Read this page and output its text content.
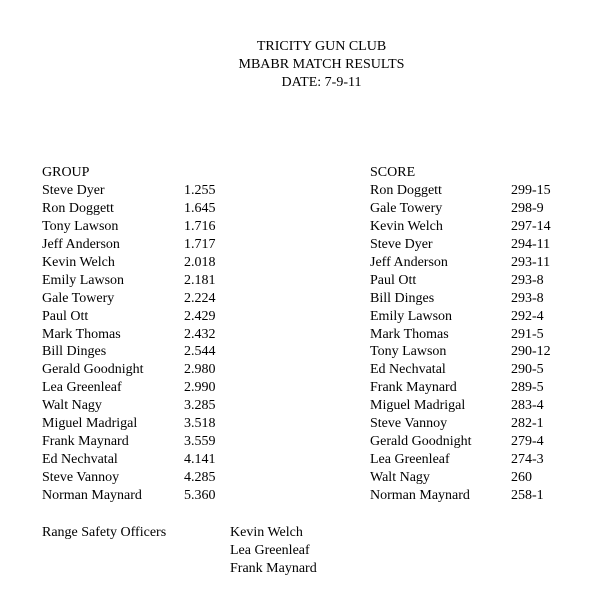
TRICITY GUN CLUB
MBABR MATCH RESULTS
DATE: 7-9-11
GROUP
Steve Dyer	1.255
Ron Doggett	1.645
Tony Lawson	1.716
Jeff Anderson	1.717
Kevin Welch	2.018
Emily Lawson	2.181
Gale Towery	2.224
Paul Ott	2.429
Mark Thomas	2.432
Bill Dinges	2.544
Gerald Goodnight	2.980
Lea Greenleaf	2.990
Walt Nagy	3.285
Miguel Madrigal	3.518
Frank Maynard	3.559
Ed Nechvatal	4.141
Steve Vannoy	4.285
Norman Maynard	5.360
SCORE
Ron Doggett	299-15
Gale Towery	298-9
Kevin Welch	297-14
Steve Dyer	294-11
Jeff Anderson	293-11
Paul Ott	293-8
Bill Dinges	293-8
Emily Lawson	292-4
Mark Thomas	291-5
Tony Lawson	290-12
Ed Nechvatal	290-5
Frank Maynard	289-5
Miguel Madrigal	283-4
Steve Vannoy	282-1
Gerald Goodnight	279-4
Lea Greenleaf	274-3
Walt Nagy	260
Norman Maynard	258-1
Range Safety Officers	Kevin Welch
Lea Greenleaf
Frank Maynard
